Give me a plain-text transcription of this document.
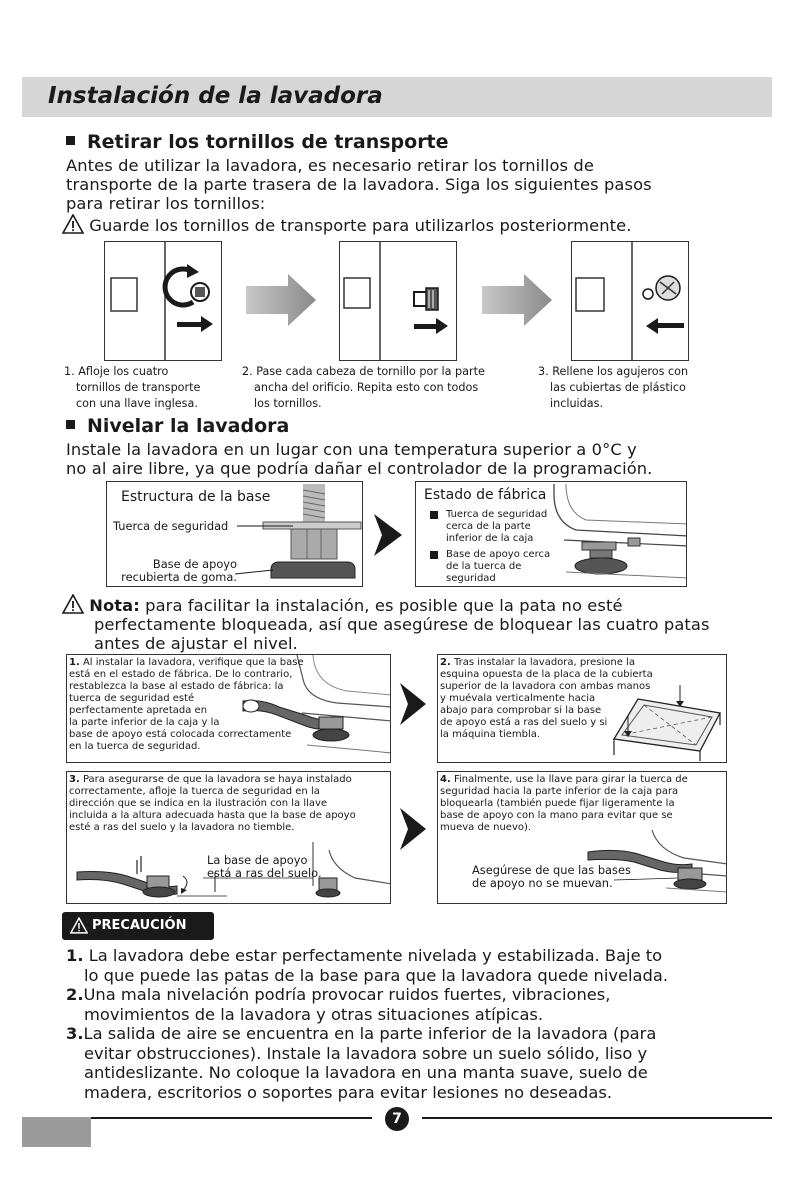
Instalación de la lavadora
Retirar los tornillos de transporte
Antes de utilizar la lavadora, es necesario retirar los tornillos de
transporte de la parte trasera de la lavadora. Siga los siguientes pasos
para retirar los tornillos:
Guarde los tornillos de transporte para utilizarlos posteriormente.
1. Afloje los cuatro
tornillos de transporte
con una llave inglesa.
2. Pase cada cabeza de tornillo por la parte
ancha del orificio. Repita esto con todos
los tornillos.
3. Rellene los agujeros con
las cubiertas de plástico
incluidas.
Nivelar la lavadora
Instale la lavadora en un lugar con una temperatura superior a 0°C y
no al aire libre, ya que podría dañar el controlador de la programación.
Estructura de la base
Tuerca de seguridad
Base de apoyo
recubierta de goma.
Estado de fábrica
Tuerca de seguridad
cerca de la parte
inferior de la caja
Base de apoyo cerca
de la tuerca de
seguridad
Nota: para facilitar la instalación, es posible que la pata no esté
perfectamente bloqueada, así que asegúrese de bloquear las cuatro patas
antes de ajustar el nivel.
1. Al instalar la lavadora, verifique que la base
está en el estado de fábrica. De lo contrario,
restablezca la base al estado de fábrica: la
tuerca de seguridad esté
perfectamente apretada en
la parte inferior de la caja y la
base de apoyo está colocada correctamente
en la tuerca de seguridad.
2. Tras instalar la lavadora, presione la
esquina opuesta de la placa de la cubierta
superior de la lavadora con ambas manos
y muévala verticalmente hacia
abajo para comprobar si la base
de apoyo está a ras del suelo y si
la máquina tiembla.
3. Para asegurarse de que la lavadora se haya instalado
correctamente, afloje la tuerca de seguridad en la
dirección que se indica en la ilustración con la llave
incluida a la altura adecuada hasta que la base de apoyo
esté a ras del suelo y la lavadora no tiemble.
La base de apoyo
está a ras del suelo.
4. Finalmente, use la llave para girar la tuerca de
seguridad hacia la parte inferior de la caja para
bloquearla (también puede fijar ligeramente la
base de apoyo con la mano para evitar que se
mueva de nuevo).
Asegúrese de que las bases
de apoyo no se muevan.
PRECAUCIÓN
1. La lavadora debe estar perfectamente nivelada y estabilizada. Baje to
lo que puede las patas de la base para que la lavadora quede nivelada.
2.Una mala nivelación podría provocar ruidos fuertes, vibraciones,
movimientos de la lavadora y otras situaciones atípicas.
3.La salida de aire se encuentra en la parte inferior de la lavadora (para
evitar obstrucciones). Instale la lavadora sobre un suelo sólido, liso y
antideslizante. No coloque la lavadora en una manta suave, suelo de
madera, escritorios o soportes para evitar lesiones no deseadas.
7
